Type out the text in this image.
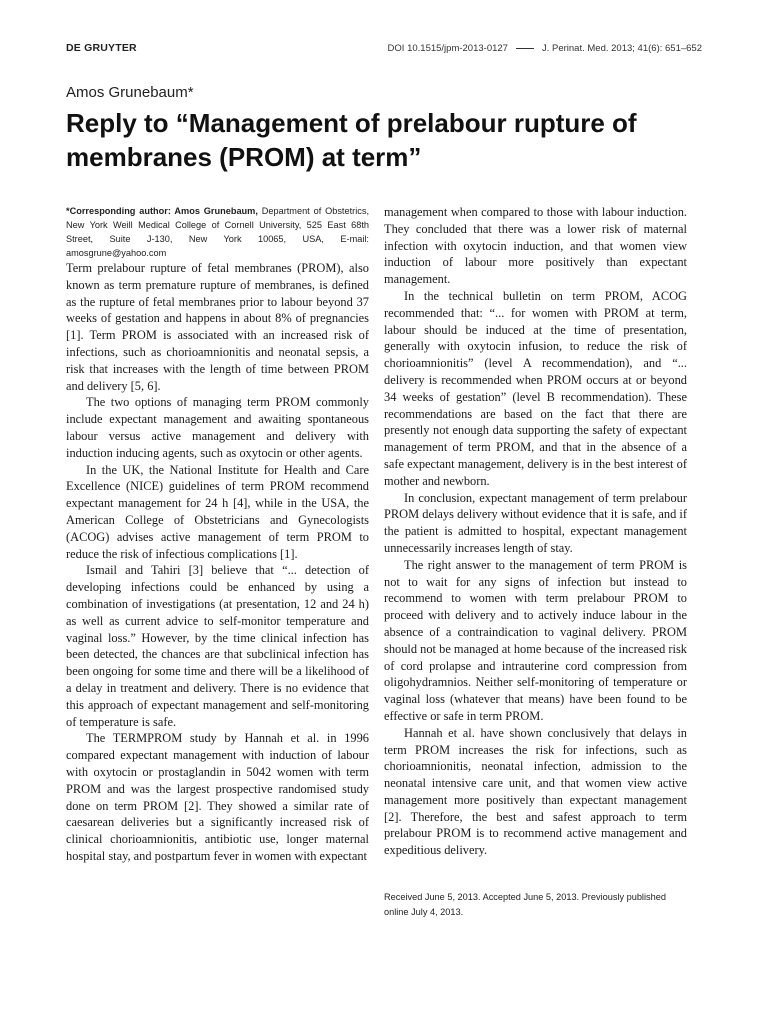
DE GRUYTER	DOI 10.1515/jpm-2013-0127	J. Perinat. Med. 2013; 41(6): 651–652
Amos Grunebaum*
Reply to “Management of prelabour rupture of membranes (PROM) at term”

*Corresponding author: Amos Grunebaum, Department of Obstetrics, New York Weill Medical College of Cornell University, 525 East 68th Street, Suite J-130, New York 10065, USA, E-mail: amosgrune@yahoo.com

Term prelabour rupture of fetal membranes (PROM), also known as term premature rupture of membranes, is defined as the rupture of fetal membranes prior to labour beyond 37 weeks of gestation and happens in about 8% of pregnancies [1]. Term PROM is associated with an increased risk of infections, such as chorioamnionitis and neonatal sepsis, a risk that increases with the length of time between PROM and delivery [5, 6].

The two options of managing term PROM commonly include expectant management and awaiting spontaneous labour versus active management and delivery with induction inducing agents, such as oxytocin or other agents.

In the UK, the National Institute for Health and Care Excellence (NICE) guidelines of term PROM recommend expectant management for 24 h [4], while in the USA, the American College of Obstetricians and Gynecologists (ACOG) advises active management of term PROM to reduce the risk of infectious complications [1].

Ismail and Tahiri [3] believe that “... detection of developing infections could be enhanced by using a combination of investigations (at presentation, 12 and 24 h) as well as current advice to self-monitor temperature and vaginal loss.” However, by the time clinical infection has been detected, the chances are that subclinical infection has been ongoing for some time and there will be a likelihood of a delay in treatment and delivery. There is no evidence that this approach of expectant management and self-monitoring of temperature is safe.

The TERMPROM study by Hannah et al. in 1996 compared expectant management with induction of labour with oxytocin or prostaglandin in 5042 women with term PROM and was the largest prospective randomised study done on term PROM [2]. They showed a similar rate of caesarean deliveries but a significantly increased risk of clinical chorioamnionitis, antibiotic use, longer maternal hospital stay, and postpartum fever in women with expectant

management when compared to those with labour induction. They concluded that there was a lower risk of maternal infection with oxytocin induction, and that women view induction of labour more positively than expectant management.

In the technical bulletin on term PROM, ACOG recommended that: “... for women with PROM at term, labour should be induced at the time of presentation, generally with oxytocin infusion, to reduce the risk of chorioamnionitis” (level A recommendation), and “... delivery is recommended when PROM occurs at or beyond 34 weeks of gestation” (level B recommendation). These recommendations are based on the fact that there are presently not enough data supporting the safety of expectant management of term PROM, and that in the absence of a safe expectant management, delivery is in the best interest of mother and newborn.

In conclusion, expectant management of term prelabour PROM delays delivery without evidence that it is safe, and if the patient is admitted to hospital, expectant management unnecessarily increases length of stay.

The right answer to the management of term PROM is not to wait for any signs of infection but instead to recommend to women with term prelabour PROM to proceed with delivery and to actively induce labour in the absence of a contraindication to vaginal delivery. PROM should not be managed at home because of the increased risk of cord prolapse and intrauterine cord compression from oligohydramnios. Neither self-monitoring of temperature or vaginal loss (whatever that means) have been found to be effective or safe in term PROM.

Hannah et al. have shown conclusively that delays in term PROM increases the risk for infections, such as chorioamnionitis, neonatal infection, admission to the neonatal intensive care unit, and that women view active management more positively than expectant management [2]. Therefore, the best and safest approach to term prelabour PROM is to recommend active management and expeditious delivery.

Received June 5, 2013. Accepted June 5, 2013. Previously published online July 4, 2013.
